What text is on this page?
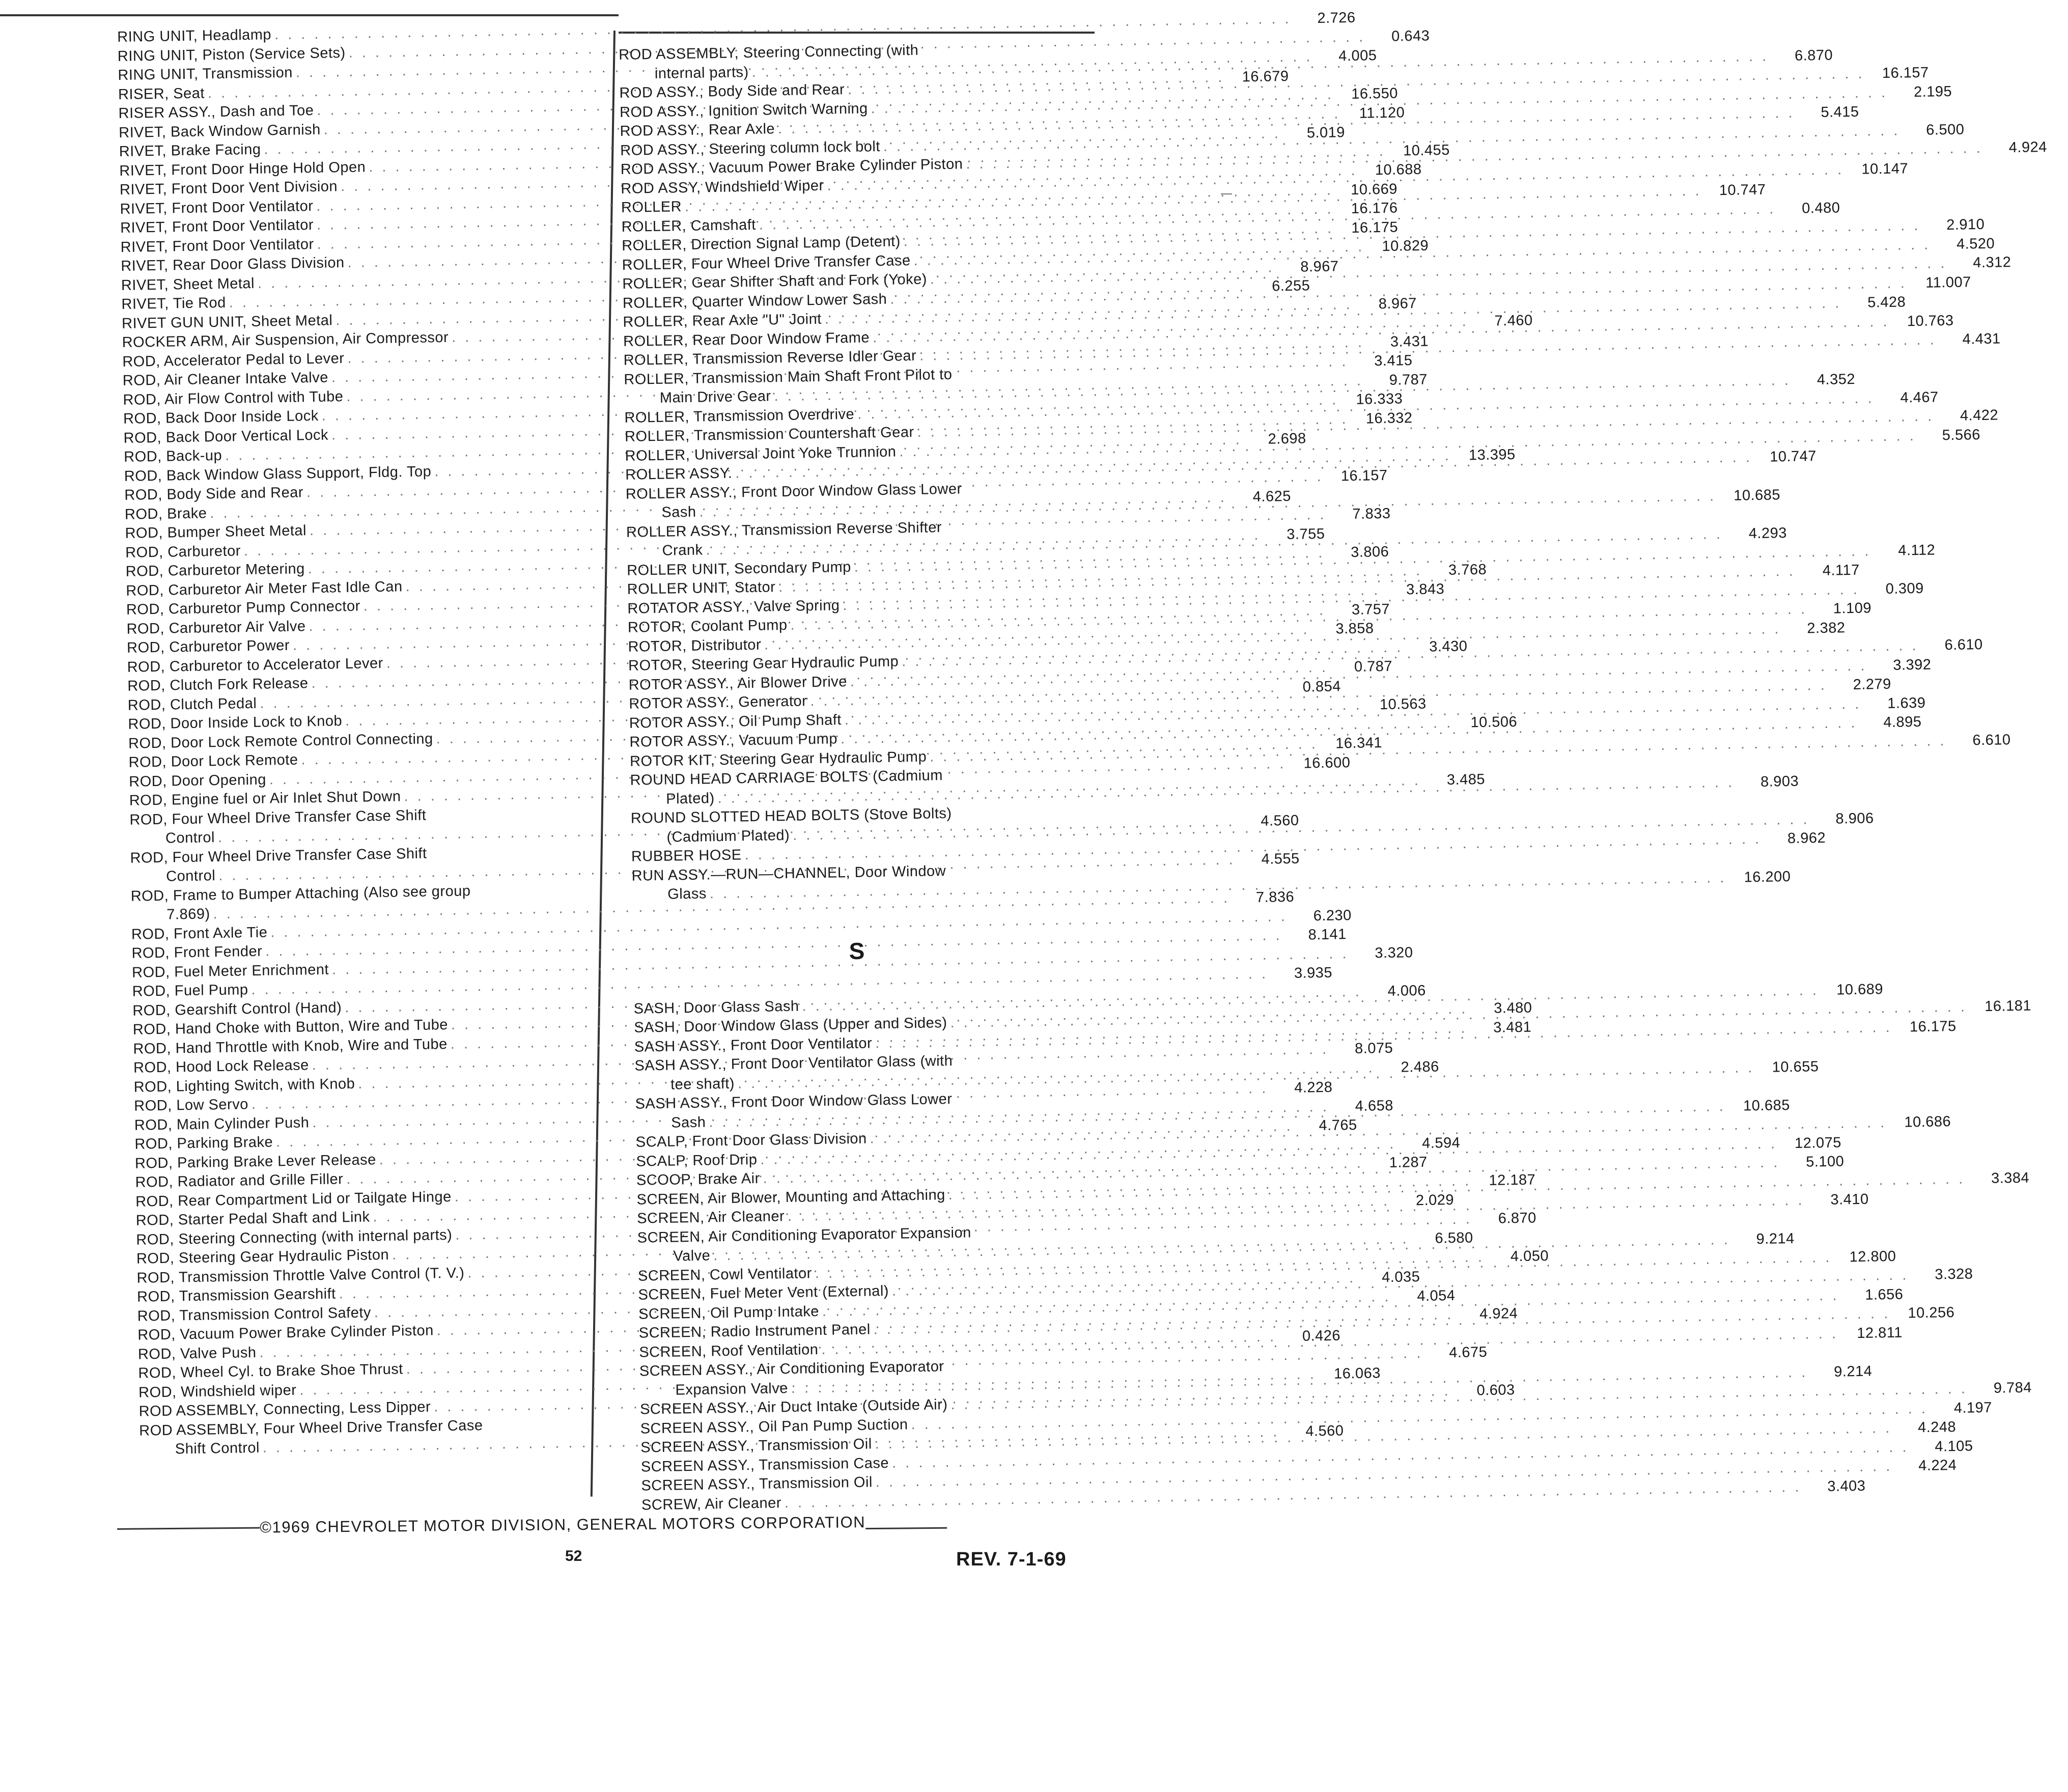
RING UNIT, Headlamp
. . .
2.726
RING UNIT, Piston (Service Sets)
. . .
0.643
RING UNIT, Transmission
. . .
4.005
RISER, Seat
. . .
16.679
RISER ASSY., Dash and Toe
. . .
16.550
RIVET, Back Window Garnish
. . .
11.120
RIVET, Brake Facing
. . .
5.019
RIVET, Front Door Hinge Hold Open
. . .
10.455
RIVET, Front Door Vent Division
. . .
10.688
RIVET, Front Door Ventilator
. . .
10.669
RIVET, Front Door Ventilator
. . .
16.176
RIVET, Front Door Ventilator
. . .
16.175
RIVET, Rear Door Glass Division
. . .
10.829
RIVET, Sheet Metal
. . .
8.967
RIVET, Tie Rod
. . .
6.255
RIVET GUN UNIT, Sheet Metal
. . .
8.967
ROCKER ARM, Air Suspension, Air Compressor
. . .
7.460
ROD, Accelerator Pedal to Lever
. . .
3.431
ROD, Air Cleaner Intake Valve
. . .
3.415
ROD, Air Flow Control with Tube
. . .
9.787
ROD, Back Door Inside Lock
. . .
16.333
ROD, Back Door Vertical Lock
. . .
16.332
ROD, Back-up
. . .
2.698
ROD, Back Window Glass Support, Fldg. Top
. . .
13.395
ROD, Body Side and Rear
. . .
16.157
ROD, Brake
. . .
4.625
ROD, Bumper Sheet Metal
. . .
7.833
ROD, Carburetor
. . .
3.755
ROD, Carburetor Metering
. . .
3.806
ROD, Carburetor Air Meter Fast Idle Can
. . .
3.768
ROD, Carburetor Pump Connector
. . .
3.843
ROD, Carburetor Air Valve
. . .
3.757
ROD, Carburetor Power
. . .
3.858
ROD, Carburetor to Accelerator Lever
. . .
3.430
ROD, Clutch Fork Release
. . .
0.787
ROD, Clutch Pedal
. . .
0.854
ROD, Door Inside Lock to Knob
. . .
10.563
ROD, Door Lock Remote Control Connecting
. . .
10.506
ROD, Door Lock Remote
. . .
16.341
ROD, Door Opening
. . .
16.600
ROD, Engine fuel or Air Inlet Shut Down
. . .
3.485
ROD, Four Wheel Drive Transfer Case Shift
Control
. . .
4.560
ROD, Four Wheel Drive Transfer Case Shift
Control
. . .
4.555
ROD, Frame to Bumper Attaching (Also see group
7.869)
. . .
7.836
ROD, Front Axle Tie
. . .
6.230
ROD, Front Fender
. . .
8.141
ROD, Fuel Meter Enrichment
. . .
3.320
ROD, Fuel Pump
. . .
3.935
ROD, Gearshift Control (Hand)
. . .
4.006
ROD, Hand Choke with Button, Wire and Tube
. . .
3.480
ROD, Hand Throttle with Knob, Wire and Tube
. . .
3.481
ROD, Hood Lock Release
. . .
8.075
ROD, Lighting Switch, with Knob
. . .
2.486
ROD, Low Servo
. . .
4.228
ROD, Main Cylinder Push
. . .
4.658
ROD, Parking Brake
. . .
4.765
ROD, Parking Brake Lever Release
. . .
4.594
ROD, Radiator and Grille Filler
. . .
1.287
ROD, Rear Compartment Lid or Tailgate Hinge
. . .
12.187
ROD, Starter Pedal Shaft and Link
. . .
2.029
ROD, Steering Connecting (with internal parts)
. . .
6.870
ROD, Steering Gear Hydraulic Piston
. . .
6.580
ROD, Transmission Throttle Valve Control (T. V.)
. . .
4.050
ROD, Transmission Gearshift
. . .
4.035
ROD, Transmission Control Safety
. . .
4.054
ROD, Vacuum Power Brake Cylinder Piston
. . .
4.924
ROD, Valve Push
. . .
0.426
ROD, Wheel Cyl. to Brake Shoe Thrust
. . .
4.675
ROD, Windshield wiper
. . .
16.063
ROD ASSEMBLY, Connecting, Less Dipper
. . .
0.603
ROD ASSEMBLY, Four Wheel Drive Transfer Case
Shift Control
. . .
4.560
ROD ASSEMBLY, Steering Connecting (with
internal parts)
. . .
6.870
ROD ASSY., Body Side and Rear
. . .
16.157
ROD ASSY., Ignition Switch Warning
. . .
2.195
ROD ASSY., Rear Axle
. . .
5.415
ROD ASSY., Steering column lock bolt
. . .
6.500
ROD ASSY., Vacuum Power Brake Cylinder Piston
. . .
4.924
ROD ASSY, Windshield Wiper
. . .
10.147
ROLLER
. . .
10.747
ROLLER, Camshaft
. . .
0.480
ROLLER, Direction Signal Lamp (Detent)
. . .
2.910
ROLLER, Four Wheel Drive Transfer Case
. . .
4.520
ROLLER, Gear Shifter Shaft and Fork (Yoke)
. . .
4.312
ROLLER, Quarter Window Lower Sash
. . .
11.007
ROLLER, Rear Axle "U" Joint
. . .
5.428
ROLLER, Rear Door Window Frame
. . .
10.763
ROLLER, Transmission Reverse Idler Gear
. . .
4.431
ROLLER, Transmission Main Shaft Front Pilot to
Main Drive Gear
. . .
4.352
ROLLER, Transmission Overdrive
. . .
4.467
ROLLER, Transmission Countershaft Gear
. . .
4.422
ROLLER, Universal Joint Yoke Trunnion
. . .
5.566
ROLLER ASSY.
. . .
10.747
ROLLER ASSY., Front Door Window Glass Lower
Sash
. . .
10.685
ROLLER ASSY., Transmission Reverse Shifter
Crank
. . .
4.293
ROLLER UNIT, Secondary Pump
. . .
4.112
ROLLER UNIT, Stator
. . .
4.117
ROTATOR ASSY., Valve Spring
. . .
0.309
ROTOR, Coolant Pump
. . .
1.109
ROTOR, Distributor
. . .
2.382
ROTOR, Steering Gear Hydraulic Pump
. . .
6.610
ROTOR ASSY., Air Blower Drive
. . .
3.392
ROTOR ASSY., Generator
. . .
2.279
ROTOR ASSY., Oil Pump Shaft
. . .
1.639
ROTOR ASSY., Vacuum Pump
. . .
4.895
ROTOR KIT, Steering Gear Hydraulic Pump
. . .
6.610
ROUND HEAD CARRIAGE BOLTS (Cadmium
Plated)
. . .
8.903
ROUND SLOTTED HEAD BOLTS (Stove Bolts)
(Cadmium Plated)
. . .
8.906
RUBBER HOSE
. . .
8.962
RUN ASSY.—RUN—CHANNEL, Door Window
Glass
. . .
16.200
S
SASH, Door Glass Sash
. . .
10.689
SASH, Door Window Glass (Upper and Sides)
. . .
16.181
SASH ASSY., Front Door Ventilator
. . .
16.175
SASH ASSY., Front Door Ventilator Glass (with
tee shaft)
. . .
10.655
SASH ASSY., Front Door Window Glass Lower
Sash
. . .
10.685
SCALP, Front Door Glass Division
. . .
10.686
SCALP, Roof Drip
. . .
12.075
SCOOP, Brake Air
. . .
5.100
SCREEN, Air Blower, Mounting and Attaching
. . .
3.384
SCREEN, Air Cleaner
. . .
3.410
SCREEN, Air Conditioning Evaporator Expansion
Valve
. . .
9.214
SCREEN, Cowl Ventilator
. . .
12.800
SCREEN, Fuel Meter Vent (External)
. . .
3.328
SCREEN, Oil Pump Intake
. . .
1.656
SCREEN, Radio Instrument Panel
. . .
10.256
SCREEN, Roof Ventilation
. . .
12.811
SCREEN ASSY., Air Conditioning Evaporator
Expansion Valve
. . .
9.214
SCREEN ASSY., Air Duct Intake (Outside Air)
. . .
9.784
SCREEN ASSY., Oil Pan Pump Suction
. . .
4.197
SCREEN ASSY., Transmission Oil
. . .
4.248
SCREEN ASSY., Transmission Case
. . .
4.105
SCREEN ASSY., Transmission Oil
. . .
4.224
SCREW, Air Cleaner
. . .
3.403
©1969 CHEVROLET MOTOR DIVISION, GENERAL MOTORS CORPORATION
52	REV. 7-1-69
